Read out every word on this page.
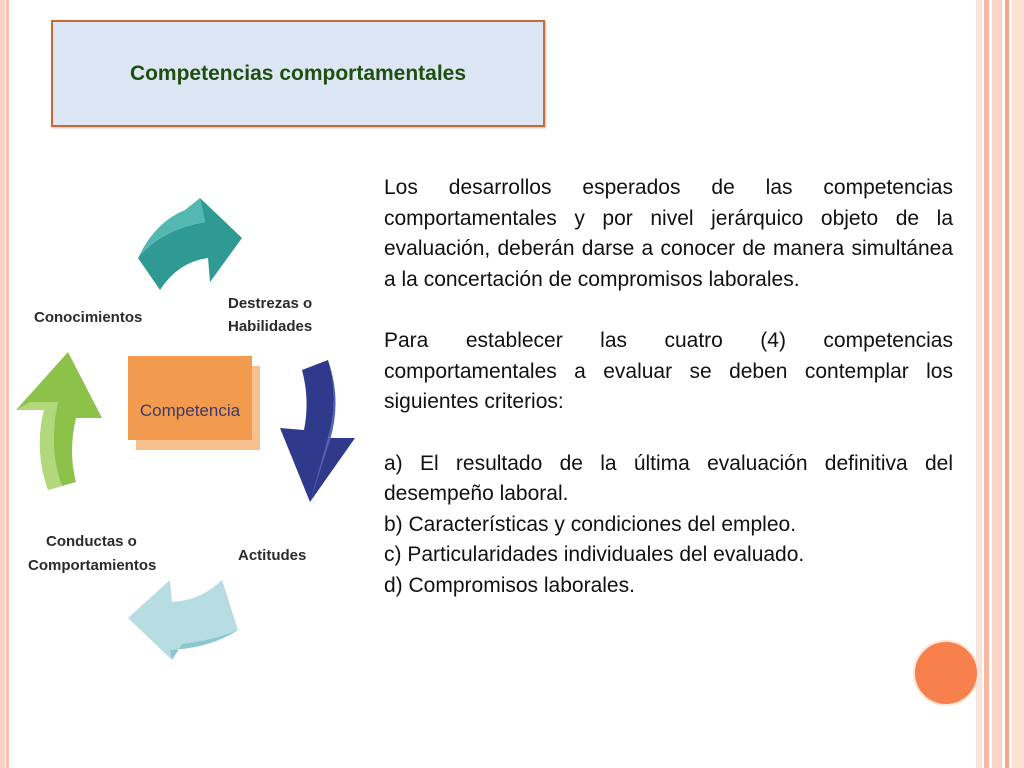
Competencias comportamentales
Competencia
Conocimientos
Destrezas o
Habilidades
Actitudes
Conductas o
Comportamientos

Los desarrollos esperados de las competencias comportamentales y por nivel jerárquico objeto de la evaluación, deberán darse a conocer de manera simultánea a la concertación de compromisos laborales.

Para establecer las cuatro (4) competencias comportamentales a evaluar se deben contemplar los siguientes criterios:

a) El resultado de la última evaluación definitiva del desempeño laboral.

b) Características y condiciones del empleo.

c) Particularidades individuales del evaluado.

d) Compromisos laborales.
